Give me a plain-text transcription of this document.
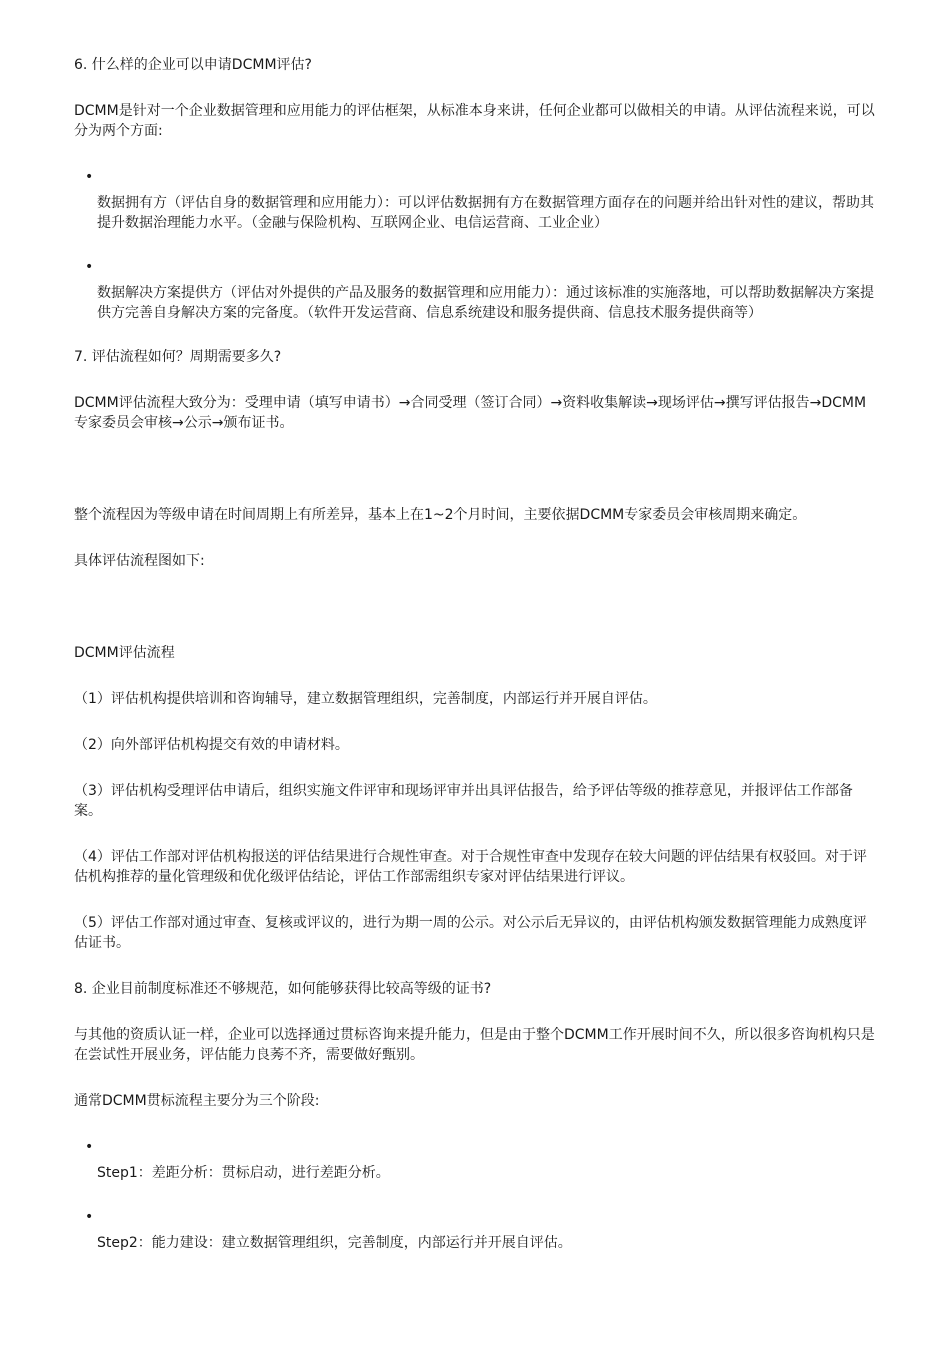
6. 什么样的企业可以申请DCMM评估?

DCMM是针对一个企业数据管理和应用能力的评估框架，从标准本身来讲，任何企业都可以做相关的申请。从评估流程来说，可以分为两个方面:

•
数据拥有方（评估自身的数据管理和应用能力）：可以评估数据拥有方在数据管理方面存在的问题并给出针对性的建议，帮助其提升数据治理能力水平。（金融与保险机构、互联网企业、电信运营商、工业企业）
•
数据解决方案提供方（评估对外提供的产品及服务的数据管理和应用能力）：通过该标准的实施落地，可以帮助数据解决方案提供方完善自身解决方案的完备度。（软件开发运营商、信息系统建设和服务提供商、信息技术服务提供商等）

7. 评估流程如何？周期需要多久?

DCMM评估流程大致分为：受理申请（填写申请书）→合同受理（签订合同）→资料收集解读→现场评估→撰写评估报告→DCMM专家委员会审核→公示→颁布证书。

整个流程因为等级申请在时间周期上有所差异，基本上在1~2个月时间，主要依据DCMM专家委员会审核周期来确定。

具体评估流程图如下:

DCMM评估流程

（1）评估机构提供培训和咨询辅导，建立数据管理组织，完善制度，内部运行并开展自评估。

（2）向外部评估机构提交有效的申请材料。

（3）评估机构受理评估申请后，组织实施文件评审和现场评审并出具评估报告，给予评估等级的推荐意见，并报评估工作部备案。

（4）评估工作部对评估机构报送的评估结果进行合规性审查。对于合规性审查中发现存在较大问题的评估结果有权驳回。对于评估机构推荐的量化管理级和优化级评估结论，评估工作部需组织专家对评估结果进行评议。

（5）评估工作部对通过审查、复核或评议的，进行为期一周的公示。对公示后无异议的，由评估机构颁发数据管理能力成熟度评估证书。

8. 企业目前制度标准还不够规范，如何能够获得比较高等级的证书?

与其他的资质认证一样，企业可以选择通过贯标咨询来提升能力，但是由于整个DCMM工作开展时间不久，所以很多咨询机构只是在尝试性开展业务，评估能力良莠不齐，需要做好甄别。

通常DCMM贯标流程主要分为三个阶段:

•
Step1：差距分析：贯标启动，进行差距分析。
•
Step2：能力建设：建立数据管理组织，完善制度，内部运行并开展自评估。
